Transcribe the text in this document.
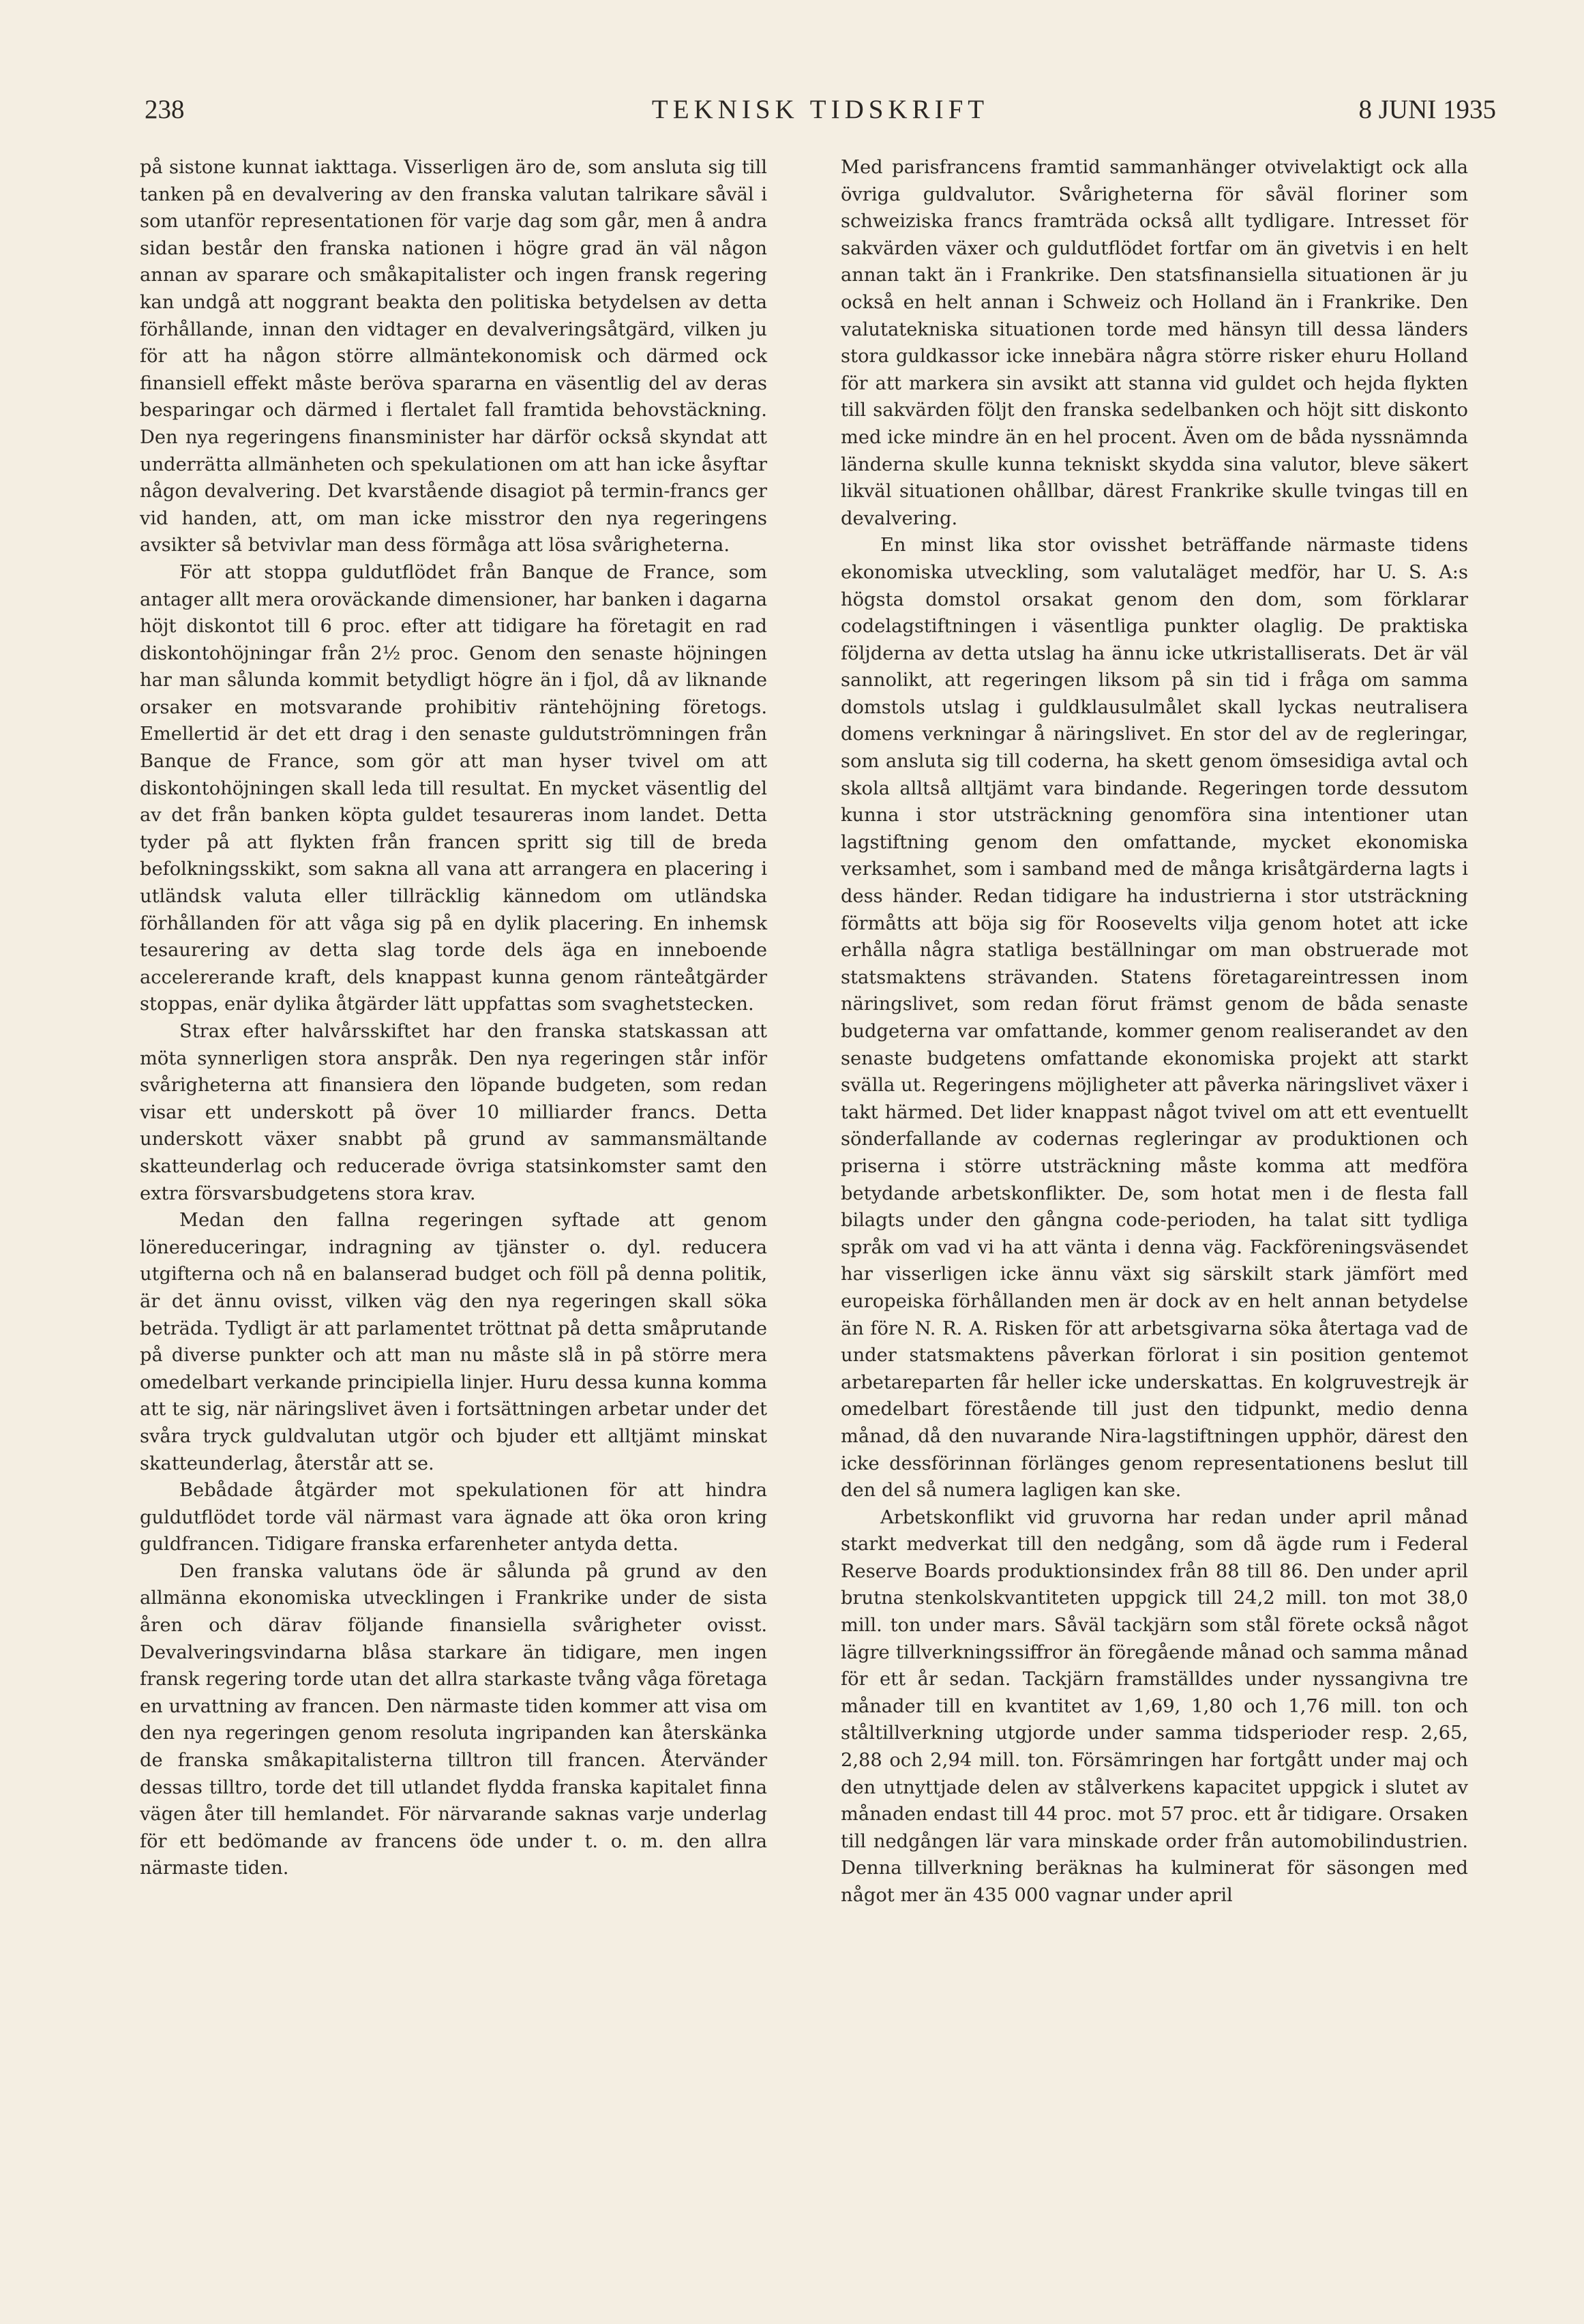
238	TEKNISK TIDSKRIFT	8 JUNI 1935

på sistone kunnat iakttaga. Visserligen äro de, som ansluta sig till tanken på en devalvering av den franska valutan talrikare såväl i som utanför representationen för varje dag som går, men å andra sidan består den franska nationen i högre grad än väl någon annan av sparare och småkapitalister och ingen fransk regering kan undgå att noggrant beakta den politiska betydelsen av detta förhållande, innan den vidtager en devalveringsåtgärd, vilken ju för att ha någon större allmäntekonomisk och därmed ock finansiell effekt måste beröva spararna en väsentlig del av deras besparingar och därmed i flertalet fall framtida behovstäckning. Den nya regeringens finansminister har därför också skyndat att underrätta allmänheten och spekulationen om att han icke åsyftar någon devalvering. Det kvarstående disagiot på termin-francs ger vid handen, att, om man icke misstror den nya regeringens avsikter så betvivlar man dess förmåga att lösa svårigheterna.

För att stoppa guldutflödet från Banque de France, som antager allt mera oroväckande dimensioner, har banken i dagarna höjt diskontot till 6 proc. efter att tidigare ha företagit en rad diskontohöjningar från 2½ proc. Genom den senaste höjningen har man sålunda kommit betydligt högre än i fjol, då av liknande orsaker en motsvarande prohibitiv räntehöjning företogs. Emellertid är det ett drag i den senaste guldutströmningen från Banque de France, som gör att man hyser tvivel om att diskontohöjningen skall leda till resultat. En mycket väsentlig del av det från banken köpta guldet tesaureras inom landet. Detta tyder på att flykten från francen spritt sig till de breda befolkningsskikt, som sakna all vana att arrangera en placering i utländsk valuta eller tillräcklig kännedom om utländska förhållanden för att våga sig på en dylik placering. En inhemsk tesaurering av detta slag torde dels äga en inneboende accelererande kraft, dels knappast kunna genom ränteåtgärder stoppas, enär dylika åtgärder lätt uppfattas som svaghetstecken.

Strax efter halvårsskiftet har den franska statskassan att möta synnerligen stora anspråk. Den nya regeringen står inför svårigheterna att finansiera den löpande budgeten, som redan visar ett underskott på över 10 milliarder francs. Detta underskott växer snabbt på grund av sammansmältande skatteunderlag och reducerade övriga statsinkomster samt den extra försvarsbudgetens stora krav.

Medan den fallna regeringen syftade att genom lönereduceringar, indragning av tjänster o. dyl. reducera utgifterna och nå en balanserad budget och föll på denna politik, är det ännu ovisst, vilken väg den nya regeringen skall söka beträda. Tydligt är att parlamentet tröttnat på detta småprutande på diverse punkter och att man nu måste slå in på större mera omedelbart verkande principiella linjer. Huru dessa kunna komma att te sig, när näringslivet även i fortsättningen arbetar under det svåra tryck guldvalutan utgör och bjuder ett alltjämt minskat skatteunderlag, återstår att se.

Bebådade åtgärder mot spekulationen för att hindra guldutflödet torde väl närmast vara ägnade att öka oron kring guldfrancen. Tidigare franska erfarenheter antyda detta.

Den franska valutans öde är sålunda på grund av den allmänna ekonomiska utvecklingen i Frankrike under de sista åren och därav följande finansiella svårigheter ovisst. Devalveringsvindarna blåsa starkare än tidigare, men ingen fransk regering torde utan det allra starkaste tvång våga företaga en urvattning av francen. Den närmaste tiden kommer att visa om den nya regeringen genom resoluta ingripanden kan återskänka de franska småkapitalisterna tilltron till francen. Återvänder dessas tilltro, torde det till utlandet flydda franska kapitalet finna vägen åter till hemlandet. För närvarande saknas varje underlag för ett bedömande av francens öde under t. o. m. den allra närmaste tiden.

Med parisfrancens framtid sammanhänger otvivelaktigt ock alla övriga guldvalutor. Svårigheterna för såväl floriner som schweiziska francs framträda också allt tydligare. Intresset för sakvärden växer och guldutflödet fortfar om än givetvis i en helt annan takt än i Frankrike. Den statsfinansiella situationen är ju också en helt annan i Schweiz och Holland än i Frankrike. Den valutatekniska situationen torde med hänsyn till dessa länders stora guldkassor icke innebära några större risker ehuru Holland för att markera sin avsikt att stanna vid guldet och hejda flykten till sakvärden följt den franska sedelbanken och höjt sitt diskonto med icke mindre än en hel procent. Även om de båda nyssnämnda länderna skulle kunna tekniskt skydda sina valutor, bleve säkert likväl situationen ohållbar, därest Frankrike skulle tvingas till en devalvering.

En minst lika stor ovisshet beträffande närmaste tidens ekonomiska utveckling, som valutaläget medför, har U. S. A:s högsta domstol orsakat genom den dom, som förklarar codelagstiftningen i väsentliga punkter olaglig. De praktiska följderna av detta utslag ha ännu icke utkristalliserats. Det är väl sannolikt, att regeringen liksom på sin tid i fråga om samma domstols utslag i guldklausulmålet skall lyckas neutralisera domens verkningar å näringslivet. En stor del av de regleringar, som ansluta sig till coderna, ha skett genom ömsesidiga avtal och skola alltså alltjämt vara bindande. Regeringen torde dessutom kunna i stor utsträckning genomföra sina intentioner utan lagstiftning genom den omfattande, mycket ekonomiska verksamhet, som i samband med de många krisåtgärderna lagts i dess händer. Redan tidigare ha industrierna i stor utsträckning förmåtts att böja sig för Roosevelts vilja genom hotet att icke erhålla några statliga beställningar om man obstruerade mot statsmaktens strävanden. Statens företagareintressen inom näringslivet, som redan förut främst genom de båda senaste budgeterna var omfattande, kommer genom realiserandet av den senaste budgetens omfattande ekonomiska projekt att starkt svälla ut. Regeringens möjligheter att påverka näringslivet växer i takt härmed. Det lider knappast något tvivel om att ett eventuellt sönderfallande av codernas regleringar av produktionen och priserna i större utsträckning måste komma att medföra betydande arbetskonflikter. De, som hotat men i de flesta fall bilagts under den gångna code-perioden, ha talat sitt tydliga språk om vad vi ha att vänta i denna väg. Fackföreningsväsendet har visserligen icke ännu växt sig särskilt stark jämfört med europeiska förhållanden men är dock av en helt annan betydelse än före N. R. A. Risken för att arbetsgivarna söka återtaga vad de under statsmaktens påverkan förlorat i sin position gentemot arbetareparten får heller icke underskattas. En kolgruvestrejk är omedelbart förestående till just den tidpunkt, medio denna månad, då den nuvarande Nira-lagstiftningen upphör, därest den icke dessförinnan förlänges genom representationens beslut till den del så numera lagligen kan ske.

Arbetskonflikt vid gruvorna har redan under april månad starkt medverkat till den nedgång, som då ägde rum i Federal Reserve Boards produktionsindex från 88 till 86. Den under april brutna stenkolskvantiteten uppgick till 24,2 mill. ton mot 38,0 mill. ton under mars. Såväl tackjärn som stål förete också något lägre tillverkningssiffror än föregående månad och samma månad för ett år sedan. Tackjärn framställdes under nyssangivna tre månader till en kvantitet av 1,69, 1,80 och 1,76 mill. ton och ståltillverkning utgjorde under samma tidsperioder resp. 2,65, 2,88 och 2,94 mill. ton. Försämringen har fortgått under maj och den utnyttjade delen av stålverkens kapacitet uppgick i slutet av månaden endast till 44 proc. mot 57 proc. ett år tidigare. Orsaken till nedgången lär vara minskade order från automobilindustrien. Denna tillverkning beräknas ha kulminerat för säsongen med något mer än 435 000 vagnar under april
